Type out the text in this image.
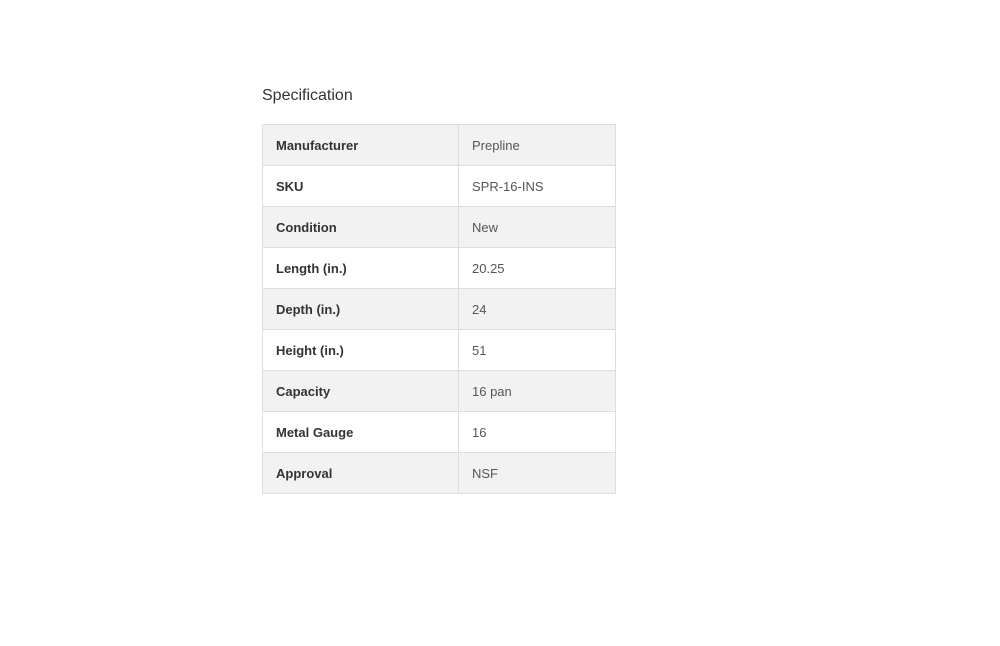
Specification
Manufacturer	Prepline
SKU	SPR-16-INS
Condition	New
Length (in.)	20.25
Depth (in.)	24
Height (in.)	51
Capacity	16 pan
Metal Gauge	16
Approval	NSF
